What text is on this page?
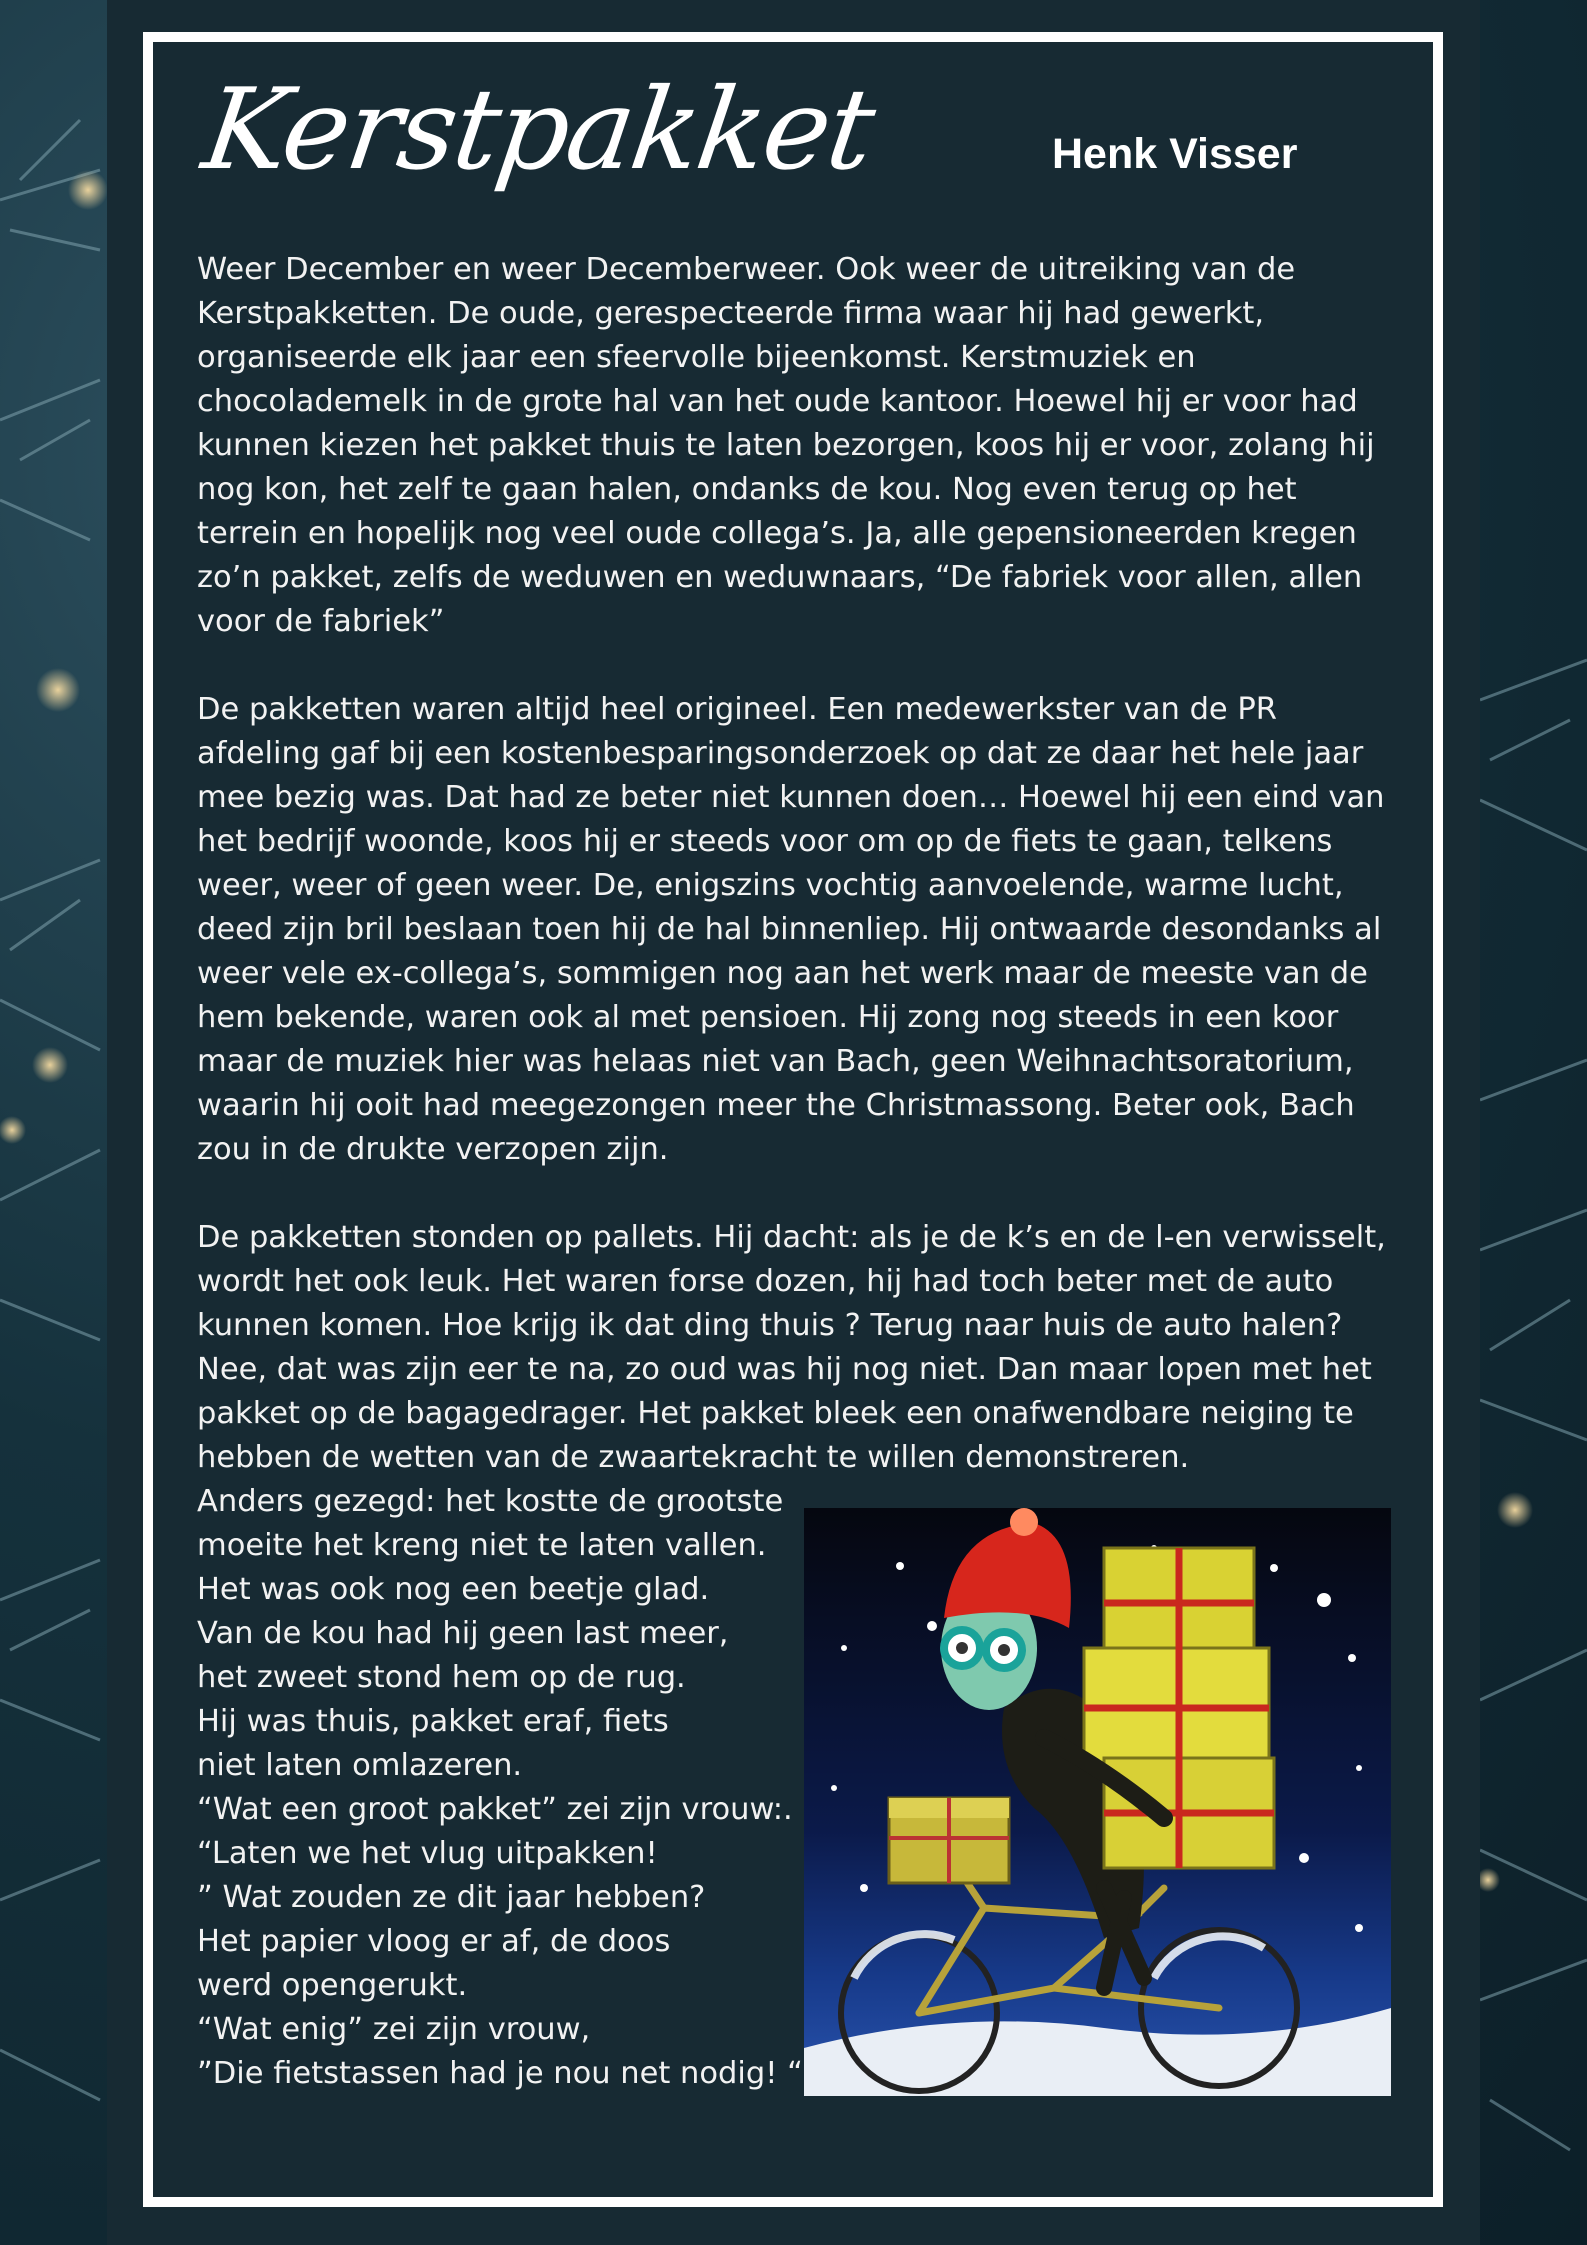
Kerstpakket	Henk Visser

Weer December en weer Decemberweer. Ook weer de uitreiking van de
Kerstpakketten. De oude, gerespecteerde firma waar hij had gewerkt,
organiseerde elk jaar een sfeervolle bijeenkomst. Kerstmuziek en
chocolademelk in de grote hal van het oude kantoor. Hoewel hij er voor had
kunnen kiezen het pakket thuis te laten bezorgen, koos hij er voor, zolang hij
nog kon, het zelf te gaan halen, ondanks de kou. Nog even terug op het
terrein en hopelijk nog veel oude collega’s. Ja, alle gepensioneerden kregen
zo’n pakket, zelfs de weduwen en weduwnaars, “De fabriek voor allen, allen
voor de fabriek”

De pakketten waren altijd heel origineel. Een medewerkster van de PR
afdeling gaf bij een kostenbesparingsonderzoek op dat ze daar het hele jaar
mee bezig was. Dat had ze beter niet kunnen doen… Hoewel hij een eind van
het bedrijf woonde, koos hij er steeds voor om op de fiets te gaan, telkens
weer, weer of geen weer. De, enigszins vochtig aanvoelende, warme lucht,
deed zijn bril beslaan toen hij de hal binnenliep. Hij ontwaarde desondanks al
weer vele ex-collega’s, sommigen nog aan het werk maar de meeste van de
hem bekende, waren ook al met pensioen. Hij zong nog steeds in een koor
maar de muziek hier was helaas niet van Bach, geen Weihnachtsoratorium,
waarin hij ooit had meegezongen meer the Christmassong. Beter ook, Bach
zou in de drukte verzopen zijn.

De pakketten stonden op pallets. Hij dacht: als je de k’s en de l-en verwisselt,
wordt het ook leuk. Het waren forse dozen, hij had toch beter met de auto
kunnen komen. Hoe krijg ik dat ding thuis ? Terug naar huis de auto halen?
Nee, dat was zijn eer te na, zo oud was hij nog niet. Dan maar lopen met het
pakket op de bagagedrager. Het pakket bleek een onafwendbare neiging te
hebben de wetten van de zwaartekracht te willen demonstreren.

Anders gezegd: het kostte de grootste
moeite het kreng niet te laten vallen.
Het was ook nog een beetje glad.
Van de kou had hij geen last meer,
het zweet stond hem op de rug.
Hij was thuis, pakket eraf, fiets
niet laten omlazeren.
“Wat een groot pakket” zei zijn vrouw:.
“Laten we het vlug uitpakken!
” Wat zouden ze dit jaar hebben?
Het papier vloog er af, de doos
werd opengerukt.
“Wat enig” zei zijn vrouw,
”Die fietstassen had je nou net nodig! “
